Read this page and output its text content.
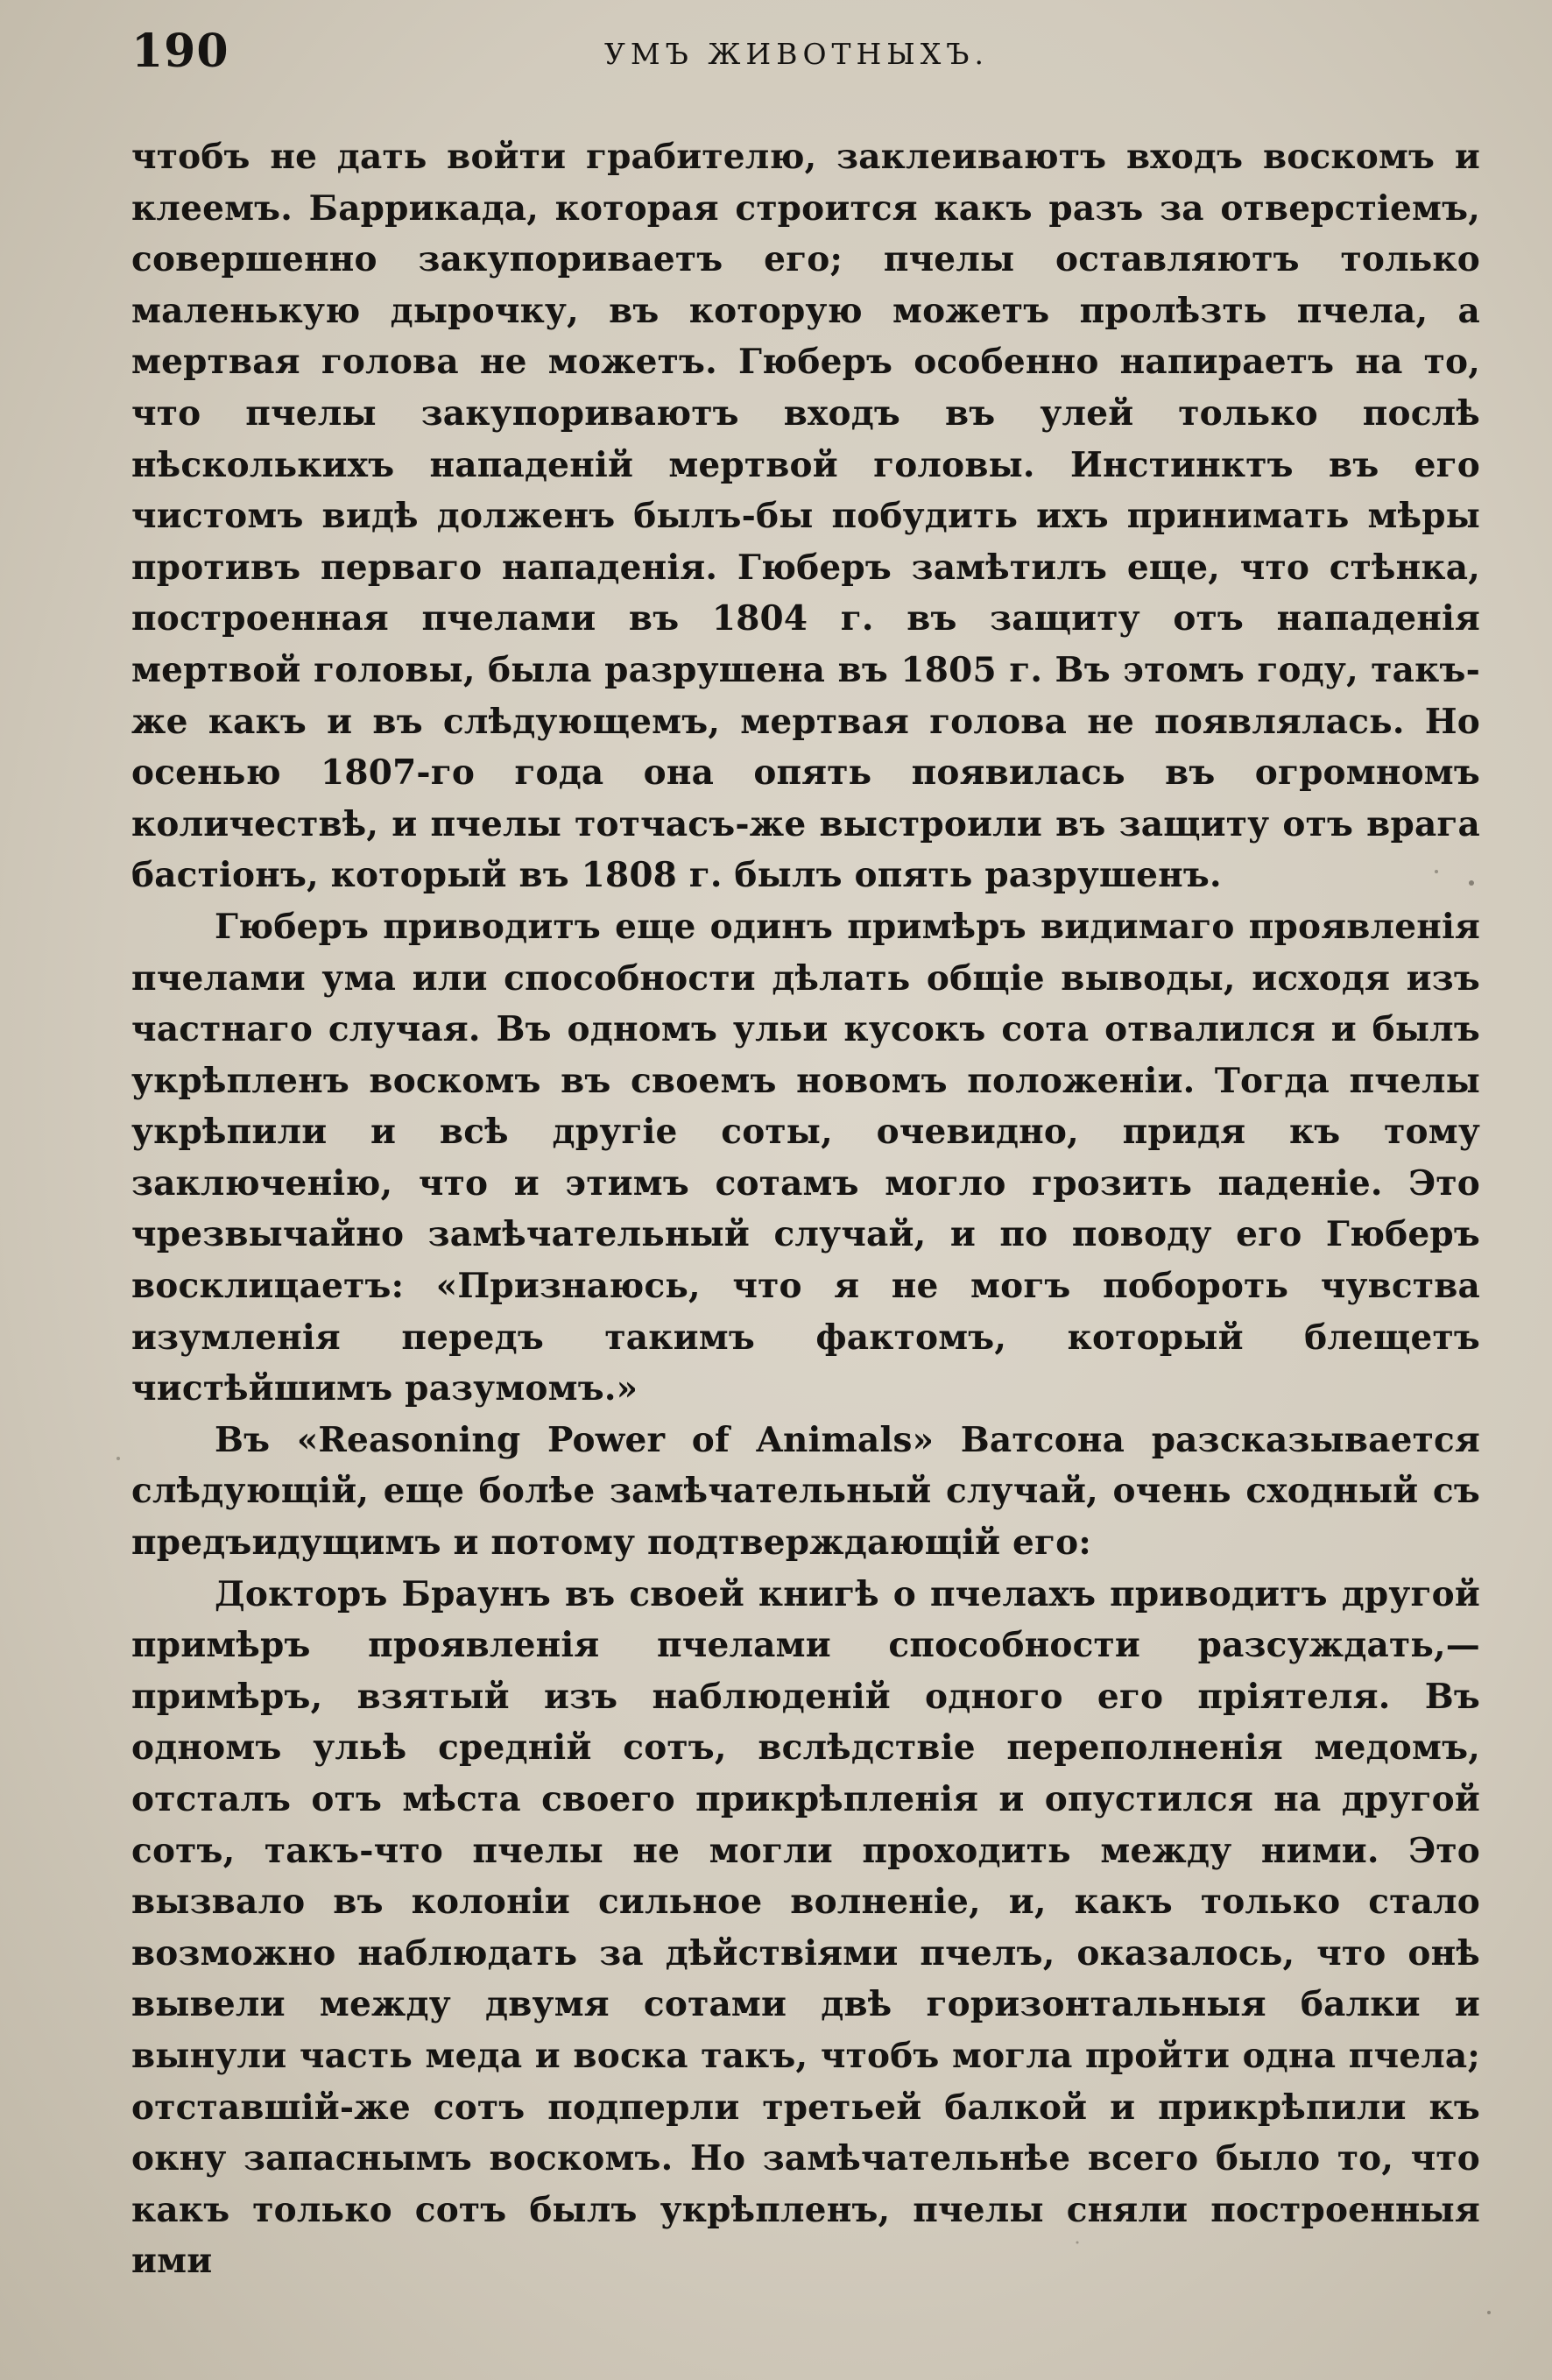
190	УМЪ ЖИВОТНЫХЪ.

чтобъ не дать войти грабителю, заклеиваютъ входъ воскомъ и клеемъ. Баррикада, которая строится какъ разъ за отверстіемъ, совершенно закупориваетъ его; пчелы оставляютъ только маленькую дырочку, въ которую можетъ пролѣзть пчела, а мертвая голова не можетъ. Гюберъ особенно напираетъ на то, что пчелы закупориваютъ входъ въ улей только послѣ нѣсколькихъ нападеній мертвой головы. Инстинктъ въ его чистомъ видѣ долженъ былъ-бы побудить ихъ принимать мѣры противъ перваго нападенія. Гюберъ замѣтилъ еще, что стѣнка, построенная пчелами въ 1804 г. въ защиту отъ нападенія мертвой головы, была разрушена въ 1805 г. Въ этомъ году, такъ-же какъ и въ слѣдующемъ, мертвая голова не появлялась. Но осенью 1807-го года она опять появилась въ огромномъ количествѣ, и пчелы тотчасъ-же выстроили въ защиту отъ врага бастіонъ, который въ 1808 г. былъ опять разрушенъ.

Гюберъ приводитъ еще одинъ примѣръ видимаго проявленія пчелами ума или способности дѣлать общіе выводы, исходя изъ частнаго случая. Въ одномъ ульи кусокъ сота отвалился и былъ укрѣпленъ воскомъ въ своемъ новомъ положеніи. Тогда пчелы укрѣпили и всѣ другіе соты, очевидно, придя къ тому заключенію, что и этимъ сотамъ могло грозить паденіе. Это чрезвычайно замѣчательный случай, и по поводу его Гюберъ восклицаетъ: «Признаюсь, что я не могъ побороть чувства изумленія передъ такимъ фактомъ, который блещетъ чистѣйшимъ разумомъ.»

Въ «Reasoning Power of Animals» Ватсона разсказывается слѣдующій, еще болѣе замѣчательный случай, очень сходный съ предъидущимъ и потому подтверждающій его:

Докторъ Браунъ въ своей книгѣ о пчелахъ приводитъ другой примѣръ проявленія пчелами способности разсуждать,— примѣръ, взятый изъ наблюденій одного его пріятеля. Въ одномъ ульѣ средній сотъ, вслѣдствіе переполненія медомъ, отсталъ отъ мѣста своего прикрѣпленія и опустился на другой сотъ, такъ-что пчелы не могли проходить между ними. Это вызвало въ колоніи сильное волненіе, и, какъ только стало возможно наблюдать за дѣйствіями пчелъ, оказалось, что онѣ вывели между двумя сотами двѣ горизонтальныя балки и вынули часть меда и воска такъ, чтобъ могла пройти одна пчела; отставшій-же сотъ подперли третьей балкой и прикрѣпили къ окну запаснымъ воскомъ. Но замѣчательнѣе всего было то, что какъ только сотъ былъ укрѣпленъ, пчелы сняли построенныя ими
